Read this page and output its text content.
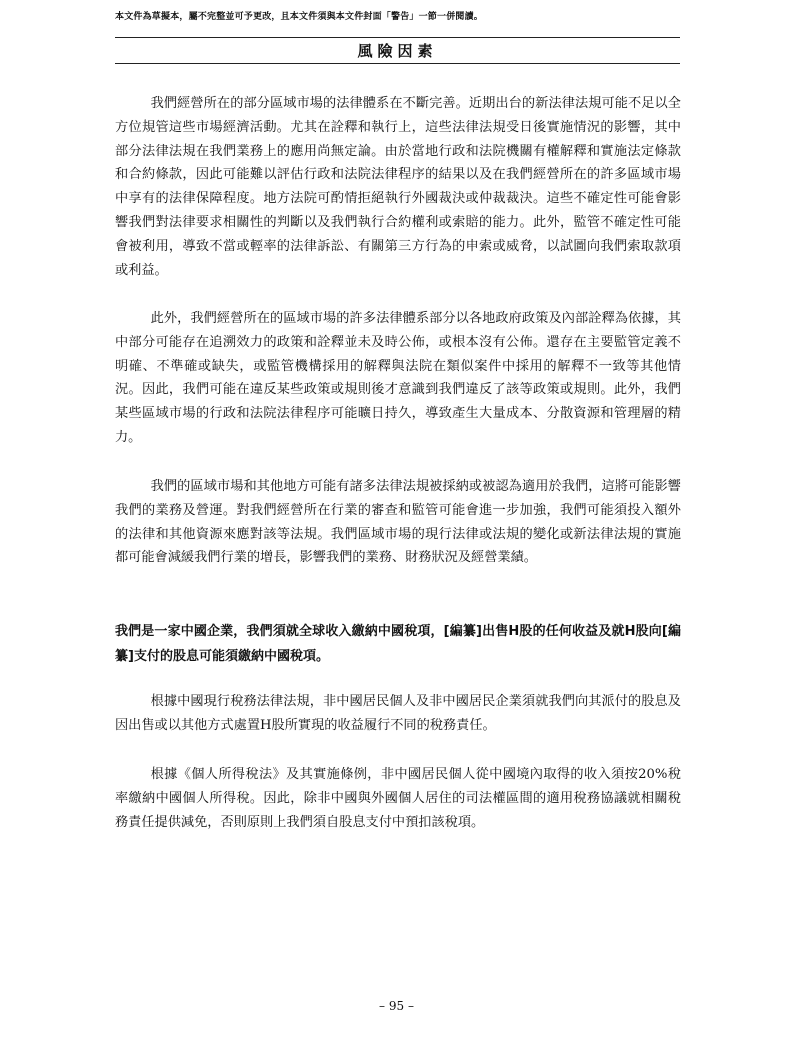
本文件為草擬本，屬不完整並可予更改，且本文件須與本文件封面「警告」一節一併閱讀。
風險因素

我們經營所在的部分區域市場的法律體系在不斷完善。近期出台的新法律法規可能不足以全方位規管這些市場經濟活動。尤其在詮釋和執行上，這些法律法規受日後實施情況的影響，其中部分法律法規在我們業務上的應用尚無定論。由於當地行政和法院機關有權解釋和實施法定條款和合約條款，因此可能難以評估行政和法院法律程序的結果以及在我們經營所在的許多區域市場中享有的法律保障程度。地方法院可酌情拒絕執行外國裁決或仲裁裁決。這些不確定性可能會影響我們對法律要求相關性的判斷以及我們執行合約權利或索賠的能力。此外，監管不確定性可能會被利用，導致不當或輕率的法律訴訟、有關第三方行為的申索或威脅，以試圖向我們索取款項或利益。

此外，我們經營所在的區域市場的許多法律體系部分以各地政府政策及內部詮釋為依據，其中部分可能存在追溯效力的政策和詮釋並未及時公佈，或根本沒有公佈。還存在主要監管定義不明確、不準確或缺失，或監管機構採用的解釋與法院在類似案件中採用的解釋不一致等其他情況。因此，我們可能在違反某些政策或規則後才意識到我們違反了該等政策或規則。此外，我們某些區域市場的行政和法院法律程序可能曠日持久，導致產生大量成本、分散資源和管理層的精力。

我們的區域市場和其他地方可能有諸多法律法規被採納或被認為適用於我們，這將可能影響我們的業務及營運。對我們經營所在行業的審查和監管可能會進一步加強，我們可能須投入額外的法律和其他資源來應對該等法規。我們區域市場的現行法律或法規的變化或新法律法規的實施都可能會減緩我們行業的增長，影響我們的業務、財務狀況及經營業績。

我們是一家中國企業，我們須就全球收入繳納中國稅項，[編纂]出售H股的任何收益及就H股向[編纂]支付的股息可能須繳納中國稅項。

根據中國現行稅務法律法規，非中國居民個人及非中國居民企業須就我們向其派付的股息及因出售或以其他方式處置H股所實現的收益履行不同的稅務責任。

根據《個人所得稅法》及其實施條例，非中國居民個人從中國境內取得的收入須按20%稅率繳納中國個人所得稅。因此，除非中國與外國個人居住的司法權區間的適用稅務協議就相關稅務責任提供減免，否則原則上我們須自股息支付中預扣該稅項。

– 95 –
